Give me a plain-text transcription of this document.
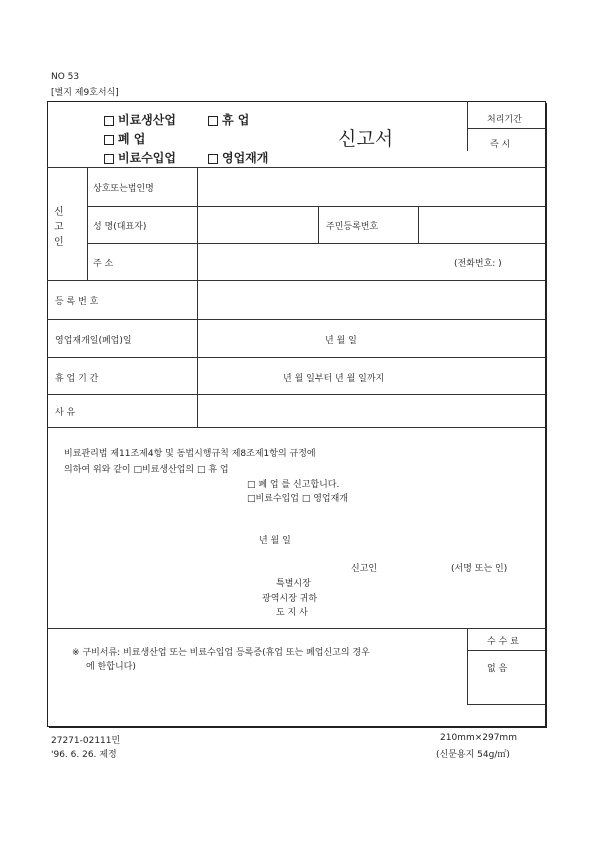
NO 53
[별지 제9호서식]
비료생산업	휴 업
폐 업
비료수입업	영업재개
신고서
처리기간
즉 시
신
고
인
상호또는법인명
성 명(대표자)	주민등록번호
주 소	(전화번호: )
등 록 번 호
영업재개일(폐업)일	년 월 일
휴 업 기 간	년 월 일부터 년 월 일까지
사 유
비료관리법 제11조제4항 및 동법시행규칙 제8조제1항의 규정에
의하여 위와 같이 □비료생산업의 □ 휴 업
□ 폐 업 를 신고합니다.
□비료수입업 □ 영업재개
년 월 일
신고인	(서명 또는 인)
특별시장
광역시장 귀하
도 지 사
※ 구비서류: 비료생산업 또는 비료수입업 등록증(휴업 또는 폐업신고의 경우
에 한합니다)
수 수 료
없 음
27271-02111민
'96. 6. 26. 제정
210mm×297mm
(신문용지 54g/㎡)
